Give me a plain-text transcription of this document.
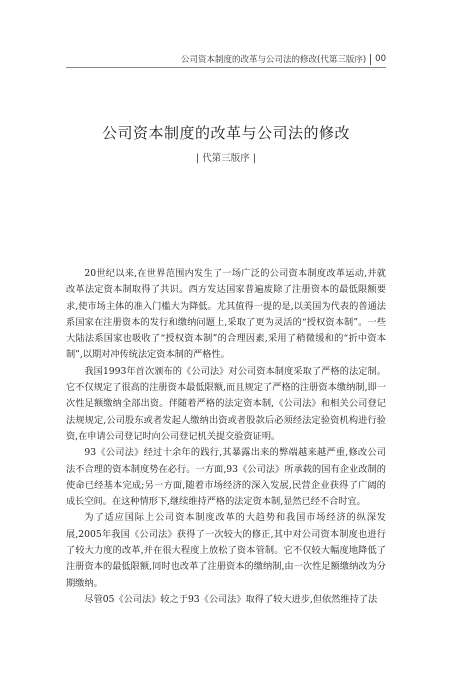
公司资本制度的改革与公司法的修改(代第三版序) 00
公司资本制度的改革与公司法的修改
| 代第三版序 |

20世纪以来,在世界范围内发生了一场广泛的公司资本制度改革运动,并就改革法定资本制取得了共识。西方发达国家普遍废除了注册资本的最低限额要求,使市场主体的准入门槛大为降低。尤其值得一提的是,以美国为代表的普通法系国家在注册资本的发行和缴纳问题上,采取了更为灵活的“授权资本制”。一些大陆法系国家也吸收了“授权资本制”的合理因素,采用了稍微缓和的“折中资本制”,以期对冲传统法定资本制的严格性。

我国1993年首次颁布的《公司法》对公司资本制度采取了严格的法定制。它不仅规定了很高的注册资本最低限额,而且规定了严格的注册资本缴纳制,即一次性足额缴纳全部出资。伴随着严格的法定资本制,《公司法》和相关公司登记法规规定,公司股东或者发起人缴纳出资或者股款后必须经法定验资机构进行验资,在申请公司登记时向公司登记机关提交验资证明。

93《公司法》经过十余年的践行,其暴露出来的弊端越来越严重,修改公司法不合理的资本制度势在必行。一方面,93《公司法》所承载的国有企业改制的使命已经基本完成;另一方面,随着市场经济的深入发展,民营企业获得了广阔的成长空间。在这种情形下,继续维持严格的法定资本制,显然已经不合时宜。

为了适应国际上公司资本制度改革的大趋势和我国市场经济的纵深发展,2005年我国《公司法》获得了一次较大的修正,其中对公司资本制度也进行了较大力度的改革,并在很大程度上放松了资本管制。它不仅较大幅度地降低了注册资本的最低限额,同时也改革了注册资本的缴纳制,由一次性足额缴纳改为分期缴纳。

尽管05《公司法》较之于93《公司法》取得了较大进步,但依然维持了法
